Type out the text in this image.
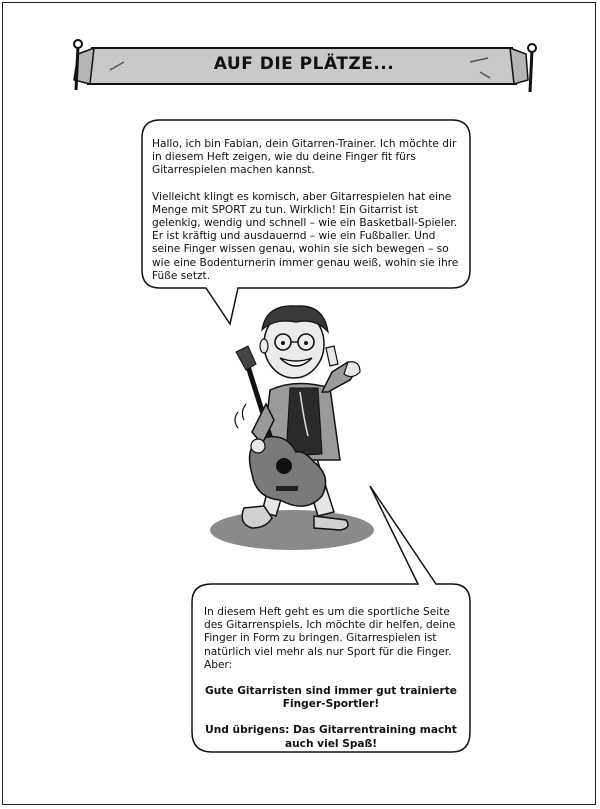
AUF DIE PLÄTZE...

Hallo, ich bin Fabian, dein Gitarren-Trainer. Ich möchte dir in diesem Heft zeigen, wie du deine Finger fit fürs Gitarrespielen machen kannst.

Vielleicht klingt es komisch, aber Gitarrespielen hat eine Menge mit SPORT zu tun. Wirklich! Ein Gitarrist ist gelenkig, wendig und schnell – wie ein Basketball-Spieler. Er ist kräftig und ausdauernd – wie ein Fußballer. Und seine Finger wissen genau, wohin sie sich bewegen – so wie eine Bodenturnerin immer genau weiß, wohin sie ihre Füße setzt.

In diesem Heft geht es um die sportliche Seite des Gitarrenspiels. Ich möchte dir helfen, deine Finger in Form zu bringen. Gitarrespielen ist natürlich viel mehr als nur Sport für die Finger. Aber:

Gute Gitarristen sind immer gut trainierte Finger-Sportler!

Und übrigens: Das Gitarrentraining macht auch viel Spaß!
